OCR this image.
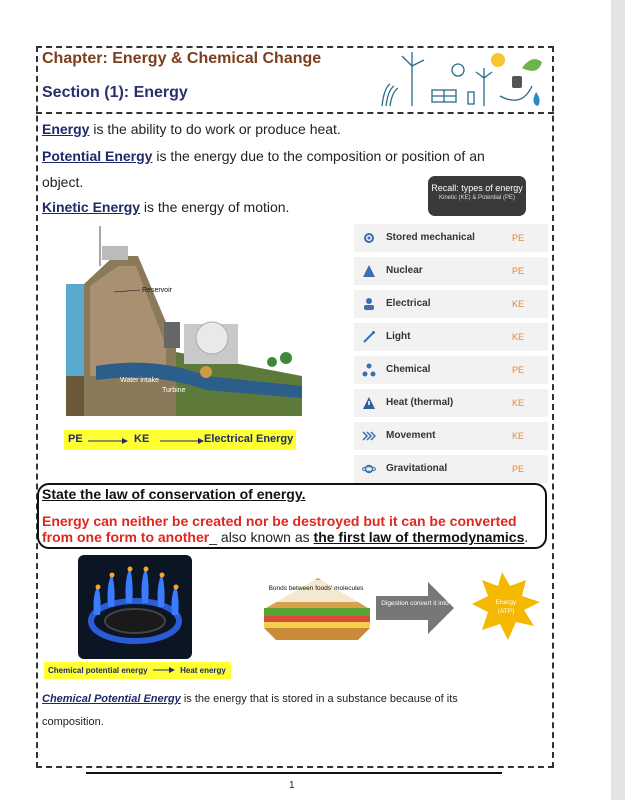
Chapter: Energy & Chemical Change
Section (1): Energy
Energy is the ability to do work or produce heat.
Potential Energy is the energy due to the composition or position of an
object.
Kinetic Energy is the energy of motion.
Recall: types of energy
Kinetic (KE) & Potential (PE)
Stored mechanical	PE
Nuclear	PE
Electrical	KE
Light	KE
Chemical	PE
Heat (thermal)	KE
Movement	KE
Gravitational	PE
Reservoir
Water intake
Turbine
PE	KE	Electrical Energy
State the law of conservation of energy.
Energy can neither be created nor be destroyed but it can be converted
from one form to another_ also known as the first law of thermodynamics.
Chemical potential energy	Heat energy
Bonds between foods' molecules
Digestion convert it into	Energy
(ATP)
Chemical Potential Energy is the energy that is stored in a substance because of its
composition.
1
